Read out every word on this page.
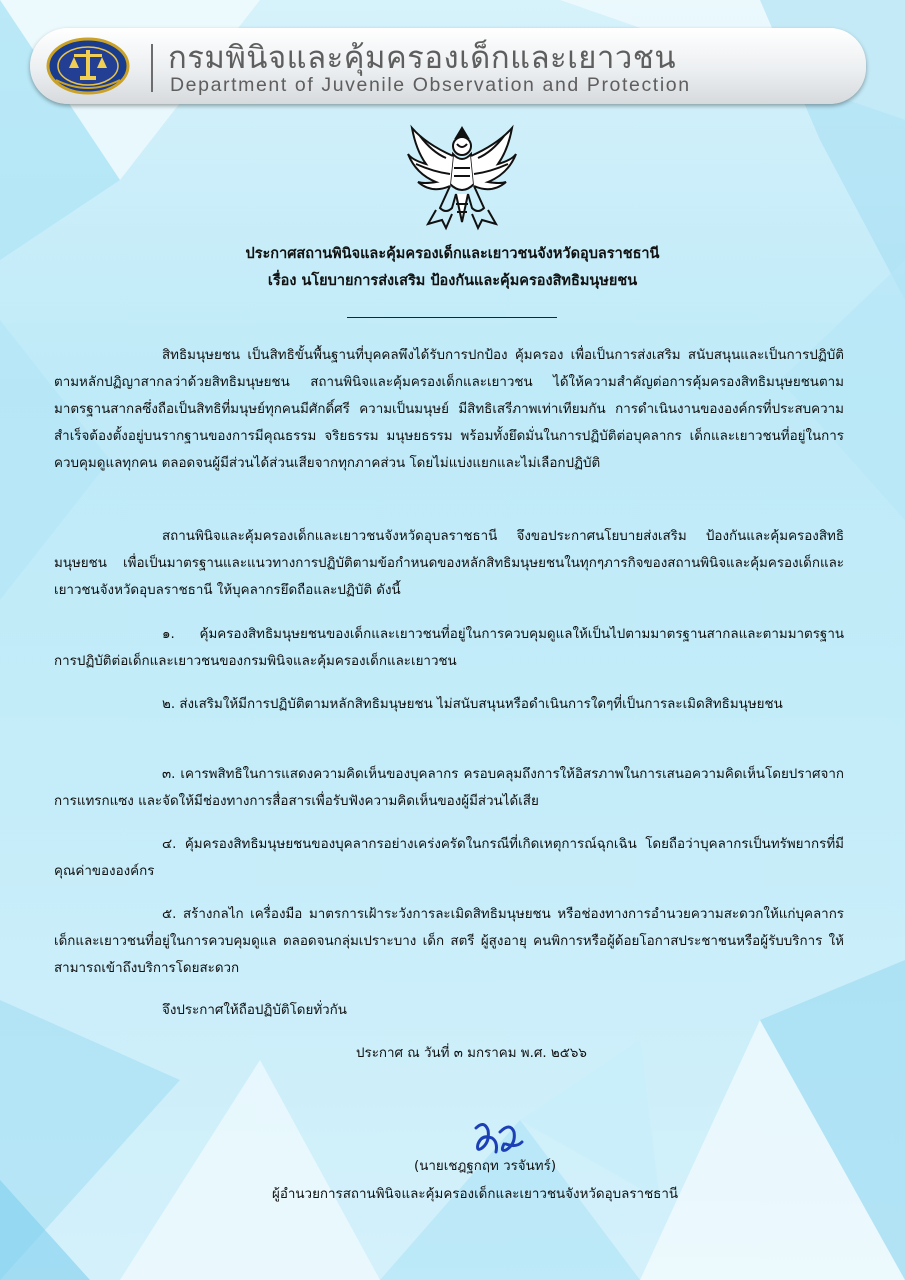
กรมพินิจและคุ้มครองเด็กและเยาวชน
Department of Juvenile Observation and Protection
ประกาศสถานพินิจและคุ้มครองเด็กและเยาวชนจังหวัดอุบลราชธานี
เรื่อง นโยบายการส่งเสริม ป้องกันและคุ้มครองสิทธิมนุษยชน
สิทธิมนุษยชน เป็นสิทธิขั้นพื้นฐานที่บุคคลพึงได้รับการปกป้อง คุ้มครอง เพื่อเป็นการส่งเสริม สนับสนุนและเป็นการปฏิบัติตามหลักปฏิญาสากลว่าด้วยสิทธิมนุษยชน สถานพินิจและคุ้มครองเด็กและเยาวชน ได้ให้ความสำคัญต่อการคุ้มครองสิทธิมนุษยชนตามมาตรฐานสากลซึ่งถือเป็นสิทธิที่มนุษย์ทุกคนมีศักดิ์ศรี ความเป็นมนุษย์ มีสิทธิเสรีภาพเท่าเทียมกัน การดำเนินงานขององค์กรที่ประสบความสำเร็จต้องตั้งอยู่บนรากฐานของการมีคุณธรรม จริยธรรม มนุษยธรรม พร้อมทั้งยึดมั่นในการปฏิบัติต่อบุคลากร เด็กและเยาวชนที่อยู่ในการควบคุมดูแลทุกคน ตลอดจนผู้มีส่วนได้ส่วนเสียจากทุกภาคส่วน โดยไม่แบ่งแยกและไม่เลือกปฏิบัติ
สถานพินิจและคุ้มครองเด็กและเยาวชนจังหวัดอุบลราชธานี จึงขอประกาศนโยบายส่งเสริม ป้องกันและคุ้มครองสิทธิมนุษยชน เพื่อเป็นมาตรฐานและแนวทางการปฏิบัติตามข้อกำหนดของหลักสิทธิมนุษยชนในทุกๆภารกิจของสถานพินิจและคุ้มครองเด็กและเยาวชนจังหวัดอุบลราชธานี ให้บุคลากรยึดถือและปฏิบัติ ดังนี้
๑. คุ้มครองสิทธิมนุษยชนของเด็กและเยาวชนที่อยู่ในการควบคุมดูแลให้เป็นไปตามมาตรฐานสากลและตามมาตรฐานการปฏิบัติต่อเด็กและเยาวชนของกรมพินิจและคุ้มครองเด็กและเยาวชน
๒. ส่งเสริมให้มีการปฏิบัติตามหลักสิทธิมนุษยชน ไม่สนับสนุนหรือดำเนินการใดๆที่เป็นการละเมิดสิทธิมนุษยชน
๓. เคารพสิทธิในการแสดงความคิดเห็นของบุคลากร ครอบคลุมถึงการให้อิสรภาพในการเสนอความคิดเห็นโดยปราศจากการแทรกแซง และจัดให้มีช่องทางการสื่อสารเพื่อรับฟังความคิดเห็นของผู้มีส่วนได้เสีย
๔. คุ้มครองสิทธิมนุษยชนของบุคลากรอย่างเคร่งครัดในกรณีที่เกิดเหตุการณ์ฉุกเฉิน โดยถือว่าบุคลากรเป็นทรัพยากรที่มีคุณค่าขององค์กร
๕. สร้างกลไก เครื่องมือ มาตรการเฝ้าระวังการละเมิดสิทธิมนุษยชน หรือช่องทางการอำนวยความสะดวกให้แก่บุคลากร เด็กและเยาวชนที่อยู่ในการควบคุมดูแล ตลอดจนกลุ่มเปราะบาง เด็ก สตรี ผู้สูงอายุ คนพิการหรือผู้ด้อยโอกาสประชาชนหรือผู้รับบริการ ให้สามารถเข้าถึงบริการโดยสะดวก
จึงประกาศให้ถือปฏิบัติโดยทั่วกัน
ประกาศ ณ วันที่ ๓ มกราคม พ.ศ. ๒๕๖๖
(นายเชฎฐกฤท วรจันทร์)
ผู้อำนวยการสถานพินิจและคุ้มครองเด็กและเยาวชนจังหวัดอุบลราชธานี
